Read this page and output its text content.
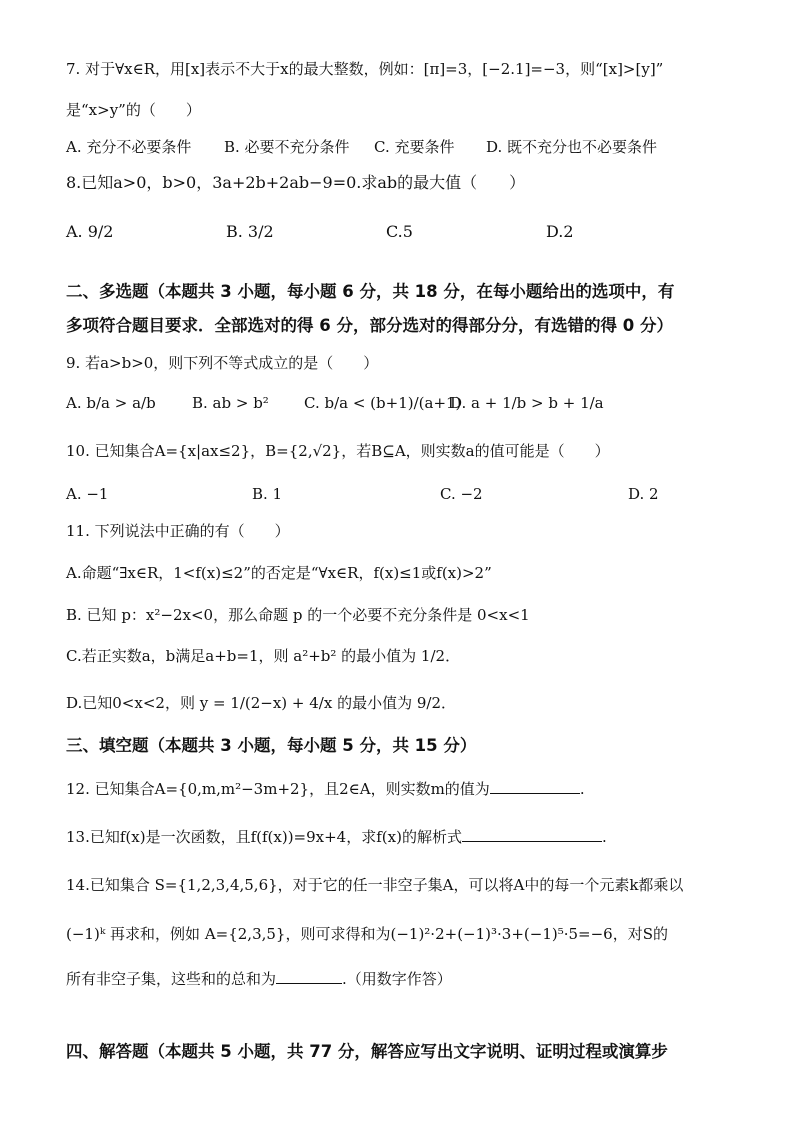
7. 对于∀x∈R，用[x]表示不大于x的最大整数，例如：[π]=3，[−2.1]=−3，则“[x]>[y]”
是“x>y”的（　　）
A. 充分不必要条件 B. 必要不充分条件 C. 充要条件 D. 既不充分也不必要条件
8.已知a>0，b>0，3a+2b+2ab−9=0.求ab的最大值（　　）
A. 9/2	B. 3/2	C.5	D.2
二、多选题（本题共 3 小题，每小题 6 分，共 18 分，在每小题给出的选项中，有
多项符合题目要求．全部选对的得 6 分，部分选对的得部分分，有选错的得 0 分）
9. 若a>b>0，则下列不等式成立的是（　　）
A. b/a > a/b B. ab > b² C. b/a < (b+1)/(a+1)
D. a + 1/b > b + 1/a
10. 已知集合A={x|ax≤2}，B={2,√2}，若B⊆A，则实数a的值可能是（　　）
A. −1	B. 1	C. −2	D. 2
11. 下列说法中正确的有（　　）
A.命题“∃x∈R，1<f(x)≤2”的否定是“∀x∈R，f(x)≤1或f(x)>2”
B. 已知 p：x²−2x<0，那么命题 p 的一个必要不充分条件是 0<x<1
C.若正实数a，b满足a+b=1，则 a²+b² 的最小值为 1/2．
D.已知0<x<2，则 y = 1/(2−x) + 4/x 的最小值为 9/2．
三、填空题（本题共 3 小题，每小题 5 分，共 15 分）
12. 已知集合A={0,m,m²−3m+2}，且2∈A，则实数m的值为	.
13.已知f(x)是一次函数，且f(f(x))=9x+4，求f(x)的解析式	.
14.已知集合 S={1,2,3,4,5,6}，对于它的任一非空子集A，可以将A中的每一个元素k都乘以
(−1)ᵏ 再求和，例如 A={2,3,5}，则可求得和为(−1)²·2+(−1)³·3+(−1)⁵·5=−6，对S的
所有非空子集，这些和的总和为	.（用数字作答）
四、解答题（本题共 5 小题，共 77 分，解答应写出文字说明、证明过程或演算步
